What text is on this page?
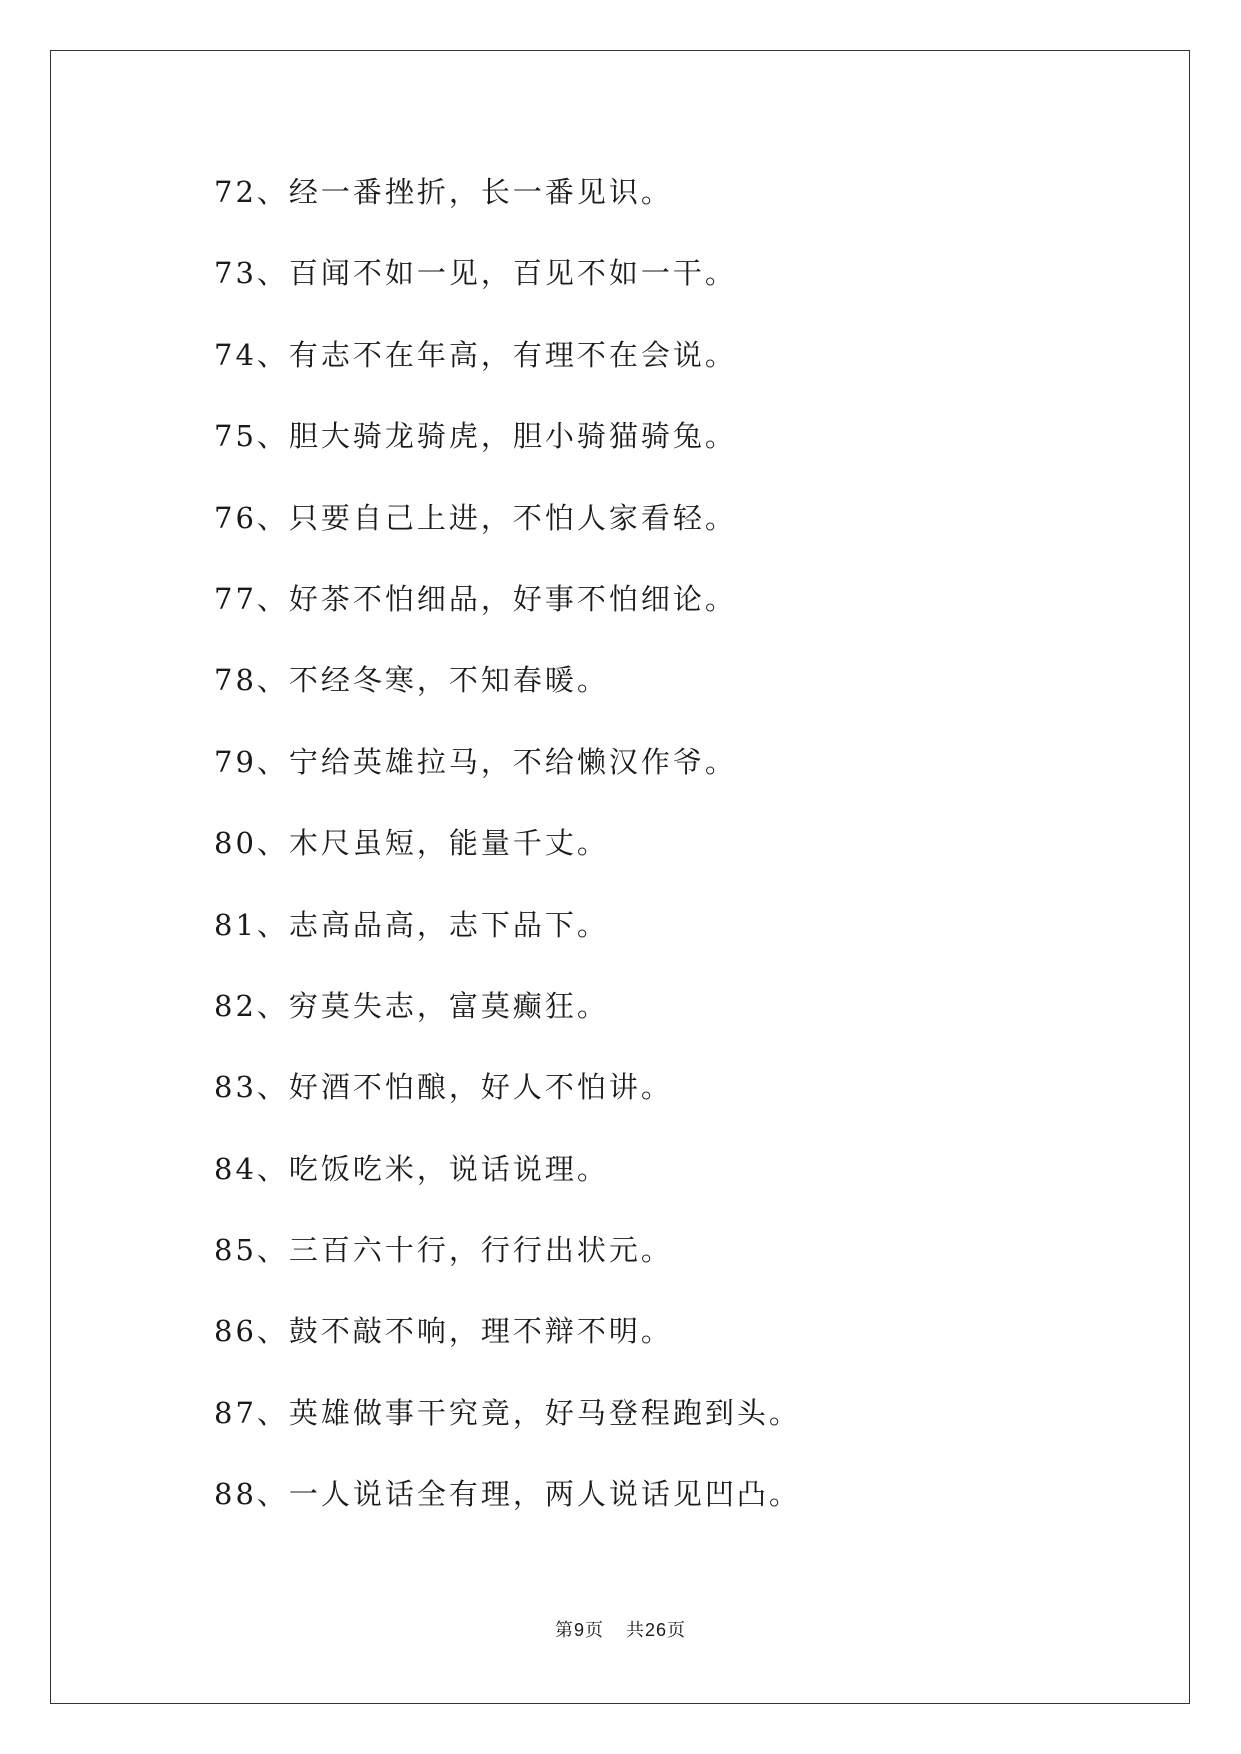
72、经一番挫折，长一番见识。
73、百闻不如一见，百见不如一干。
74、有志不在年高，有理不在会说。
75、胆大骑龙骑虎，胆小骑猫骑兔。
76、只要自己上进，不怕人家看轻。
77、好茶不怕细品，好事不怕细论。
78、不经冬寒，不知春暖。
79、宁给英雄拉马，不给懒汉作爷。
80、木尺虽短，能量千丈。
81、志高品高，志下品下。
82、穷莫失志，富莫癫狂。
83、好酒不怕酿，好人不怕讲。
84、吃饭吃米，说话说理。
85、三百六十行，行行出状元。
86、鼓不敲不响，理不辩不明。
87、英雄做事干究竟，好马登程跑到头。
88、一人说话全有理，两人说话见凹凸。
第9页 共26页
